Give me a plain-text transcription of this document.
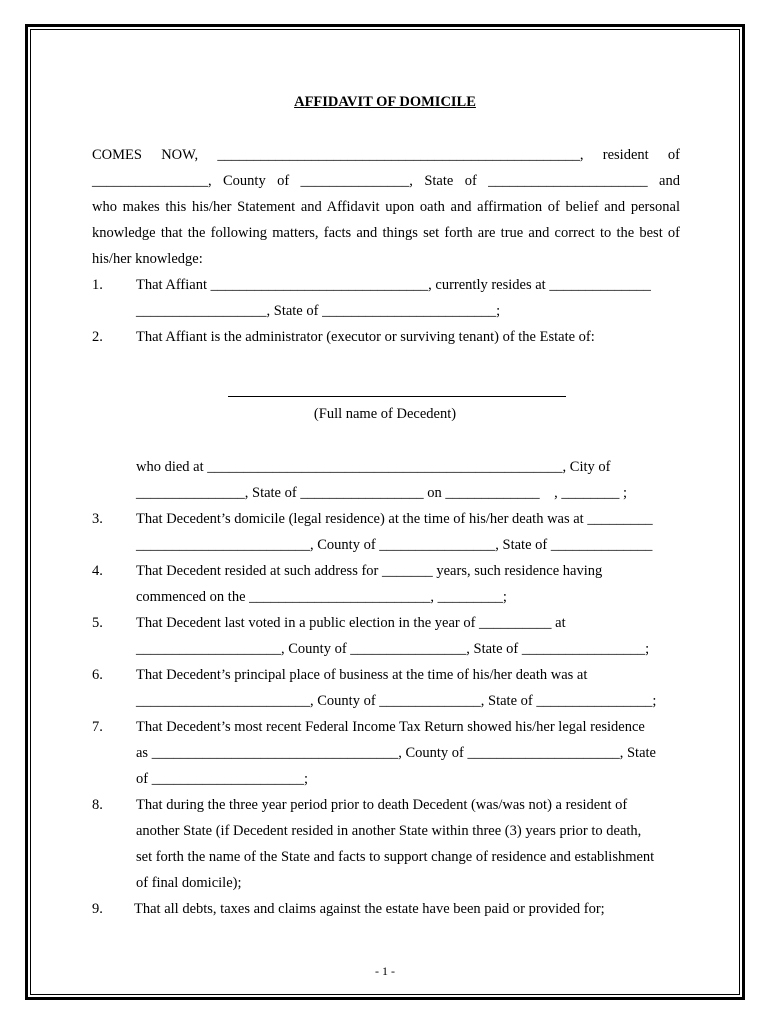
AFFIDAVIT OF DOMICILE
COMES NOW, __________________________________________________, resident of
________________, County of _______________, State of ______________________ and
who makes this his/her Statement and Affidavit upon oath and affirmation of belief and personal
knowledge that the following matters, facts and things set forth are true and correct to the best of
his/her knowledge:
1. That Affiant ______________________________, currently resides at ______________
__________________, State of ________________________;
2. That Affiant is the administrator (executor or surviving tenant) of the Estate of:
(Full name of Decedent)
who died at _________________________________________________, City of
_______________, State of _________________ on _____________    , ________ ;
3. That Decedent’s domicile (legal residence) at the time of his/her death was at _________
________________________, County of ________________, State of ______________
4. That Decedent resided at such address for _______ years, such residence having
commenced on the _________________________, _________;
5. That Decedent last voted in a public election in the year of __________ at
____________________, County of ________________, State of _________________;
6. That Decedent’s principal place of business at the time of his/her death was at
________________________, County of ______________, State of ________________;
7. That Decedent’s most recent Federal Income Tax Return showed his/her legal residence
as __________________________________, County of _____________________, State
of _____________________;
8. That during the three year period prior to death Decedent (was/was not) a resident of
another State (if Decedent resided in another State within three (3) years prior to death,
set forth the name of the State and facts to support change of residence and establishment
of final domicile);
9. That all debts, taxes and claims against the estate have been paid or provided for;
- 1 -
